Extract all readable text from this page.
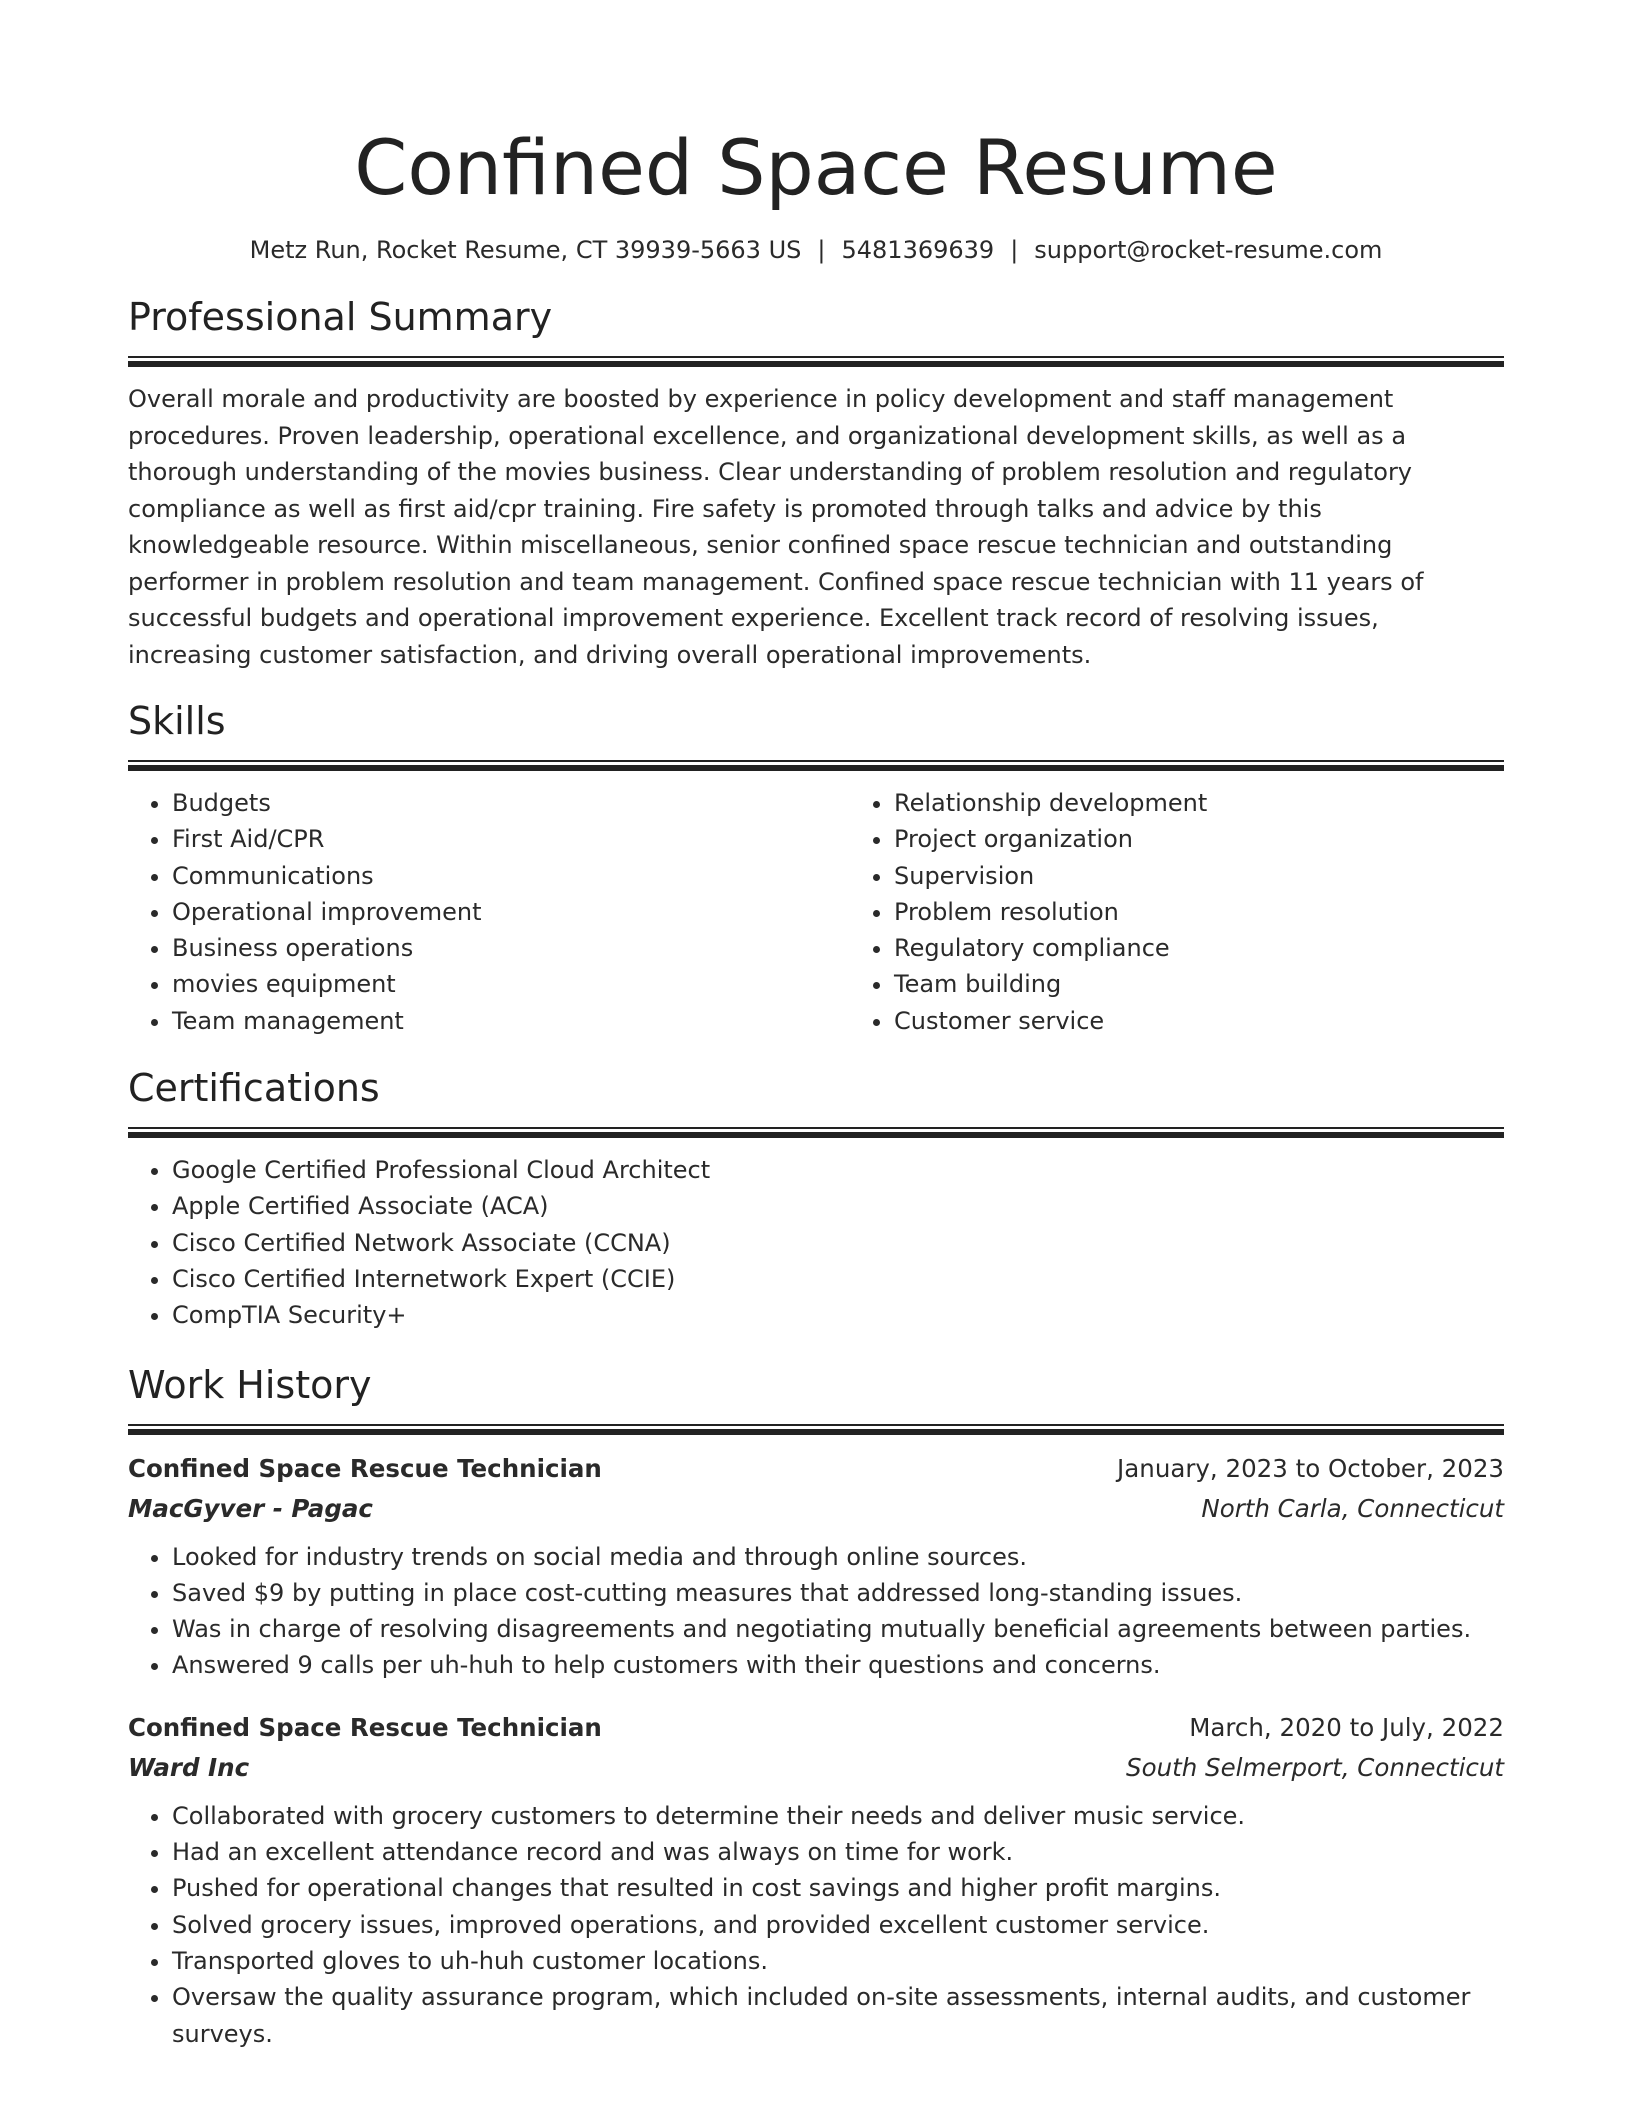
Confined Space Resume
Metz Run, Rocket Resume, CT 39939-5663 US | 5481369639 | support@rocket-resume.com
Professional Summary
Overall morale and productivity are boosted by experience in policy development and staff management procedures. Proven leadership, operational excellence, and organizational development skills, as well as a thorough understanding of the movies business. Clear understanding of problem resolution and regulatory compliance as well as first aid/cpr training. Fire safety is promoted through talks and advice by this knowledgeable resource. Within miscellaneous, senior confined space rescue technician and outstanding performer in problem resolution and team management. Confined space rescue technician with 11 years of successful budgets and operational improvement experience. Excellent track record of resolving issues, increasing customer satisfaction, and driving overall operational improvements.
Skills
• Budgets
• First Aid/CPR
• Communications
• Operational improvement
• Business operations
• movies equipment
• Team management
• Relationship development
• Project organization
• Supervision
• Problem resolution
• Regulatory compliance
• Team building
• Customer service
Certifications
• Google Certified Professional Cloud Architect
• Apple Certified Associate (ACA)
• Cisco Certified Network Associate (CCNA)
• Cisco Certified Internetwork Expert (CCIE)
• CompTIA Security+
Work History
Confined Space Rescue Technician	January, 2023 to October, 2023
MacGyver - Pagac	North Carla, Connecticut
• Looked for industry trends on social media and through online sources.
• Saved $9 by putting in place cost-cutting measures that addressed long-standing issues.
• Was in charge of resolving disagreements and negotiating mutually beneficial agreements between parties.
• Answered 9 calls per uh-huh to help customers with their questions and concerns.
Confined Space Rescue Technician	March, 2020 to July, 2022
Ward Inc	South Selmerport, Connecticut
• Collaborated with grocery customers to determine their needs and deliver music service.
• Had an excellent attendance record and was always on time for work.
• Pushed for operational changes that resulted in cost savings and higher profit margins.
• Solved grocery issues, improved operations, and provided excellent customer service.
• Transported gloves to uh-huh customer locations.
• Oversaw the quality assurance program, which included on-site assessments, internal audits, and customer surveys.
